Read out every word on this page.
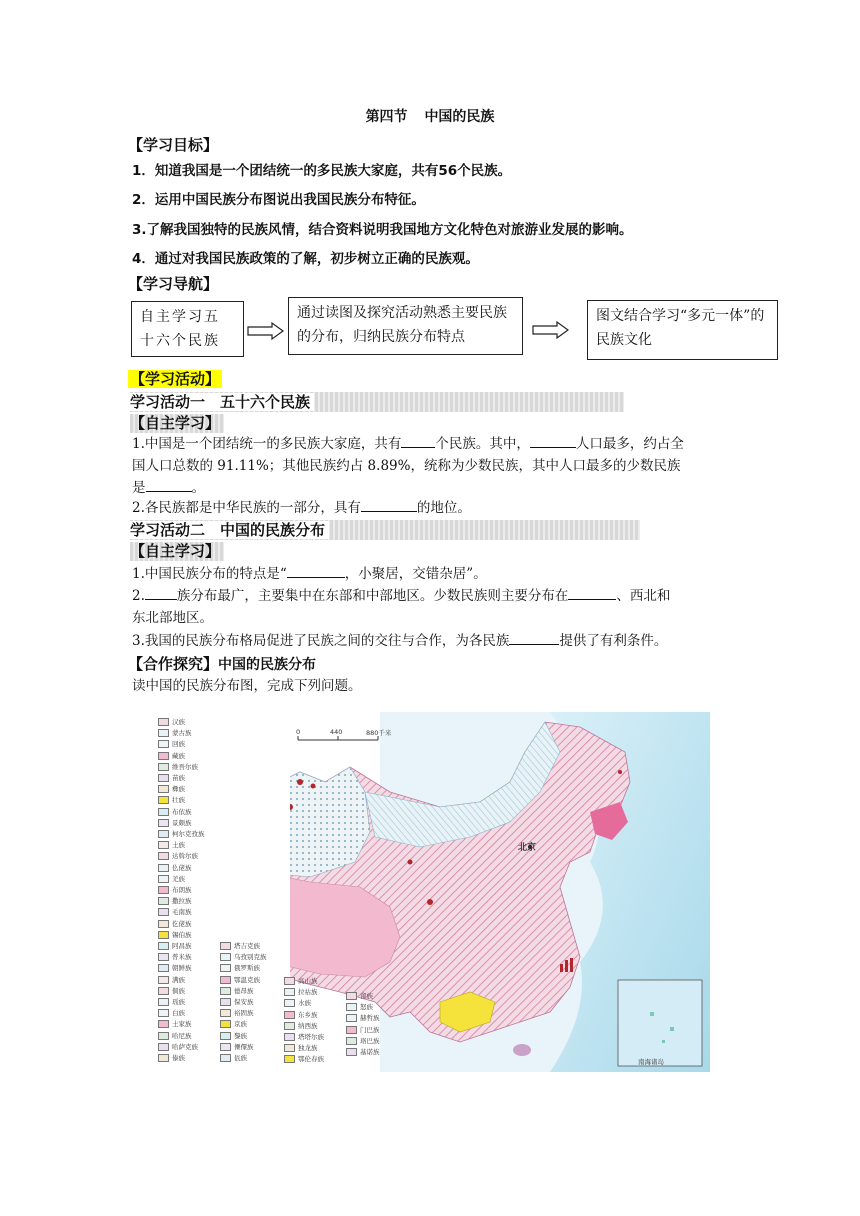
第四节 中国的民族
【学习目标】
1．知道我国是一个团结统一的多民族大家庭，共有56个民族。
2．运用中国民族分布图说出我国民族分布特征。
3.了解我国独特的民族风情，结合资料说明我国地方文化特色对旅游业发展的影响。
4．通过对我国民族政策的了解，初步树立正确的民族观。
【学习导航】
自主学习五十六个民族
通过读图及探究活动熟悉主要民族的分布，归纳民族分布特点
图文结合学习“多元一体”的民族文化
【学习活动】
学习活动一　五十六个民族
【自主学习】
1.中国是一个团结统一的多民族大家庭，共有	个民族。其中，	人口最多，约占全
国人口总数的 91.11%；其他民族约占 8.89%，统称为少数民族，其中人口最多的少数民族
是	。
2.各民族都是中华民族的一部分，具有	的地位。
学习活动二　中国的民族分布
【自主学习】
1.中国民族分布的特点是“	，小聚居，交错杂居”。
2. 族分布最广，主要集中在东部和中部地区。少数民族则主要分布在	、西北和
东北部地区。
3.我国的民族分布格局促进了民族之间的交往与合作，为各民族	提供了有利条件。
【合作探究】中国的民族分布
读中国的民族分布图，完成下列问题。
0	440	880千米
北京
南海诸岛
汉族
蒙古族
回族
藏族
维吾尔族
苗族
彝族
壮族
布依族
景颇族
柯尔克孜族
土族
达斡尔族
仫佬族
羌族
布朗族
撒拉族
毛南族
仡佬族
锡伯族
阿昌族
普米族
朝鲜族
满族
侗族
瑶族
白族
土家族
哈尼族
哈萨克族
傣族
塔吉克族
乌孜别克族
俄罗斯族
鄂温克族
德昂族
保安族
裕固族
京族
黎族
傈僳族
佤族
高山族
拉祜族
水族
东乡族
纳西族
塔塔尔族
独龙族
鄂伦春族
畲族
怒族
赫哲族
门巴族
珞巴族
基诺族
